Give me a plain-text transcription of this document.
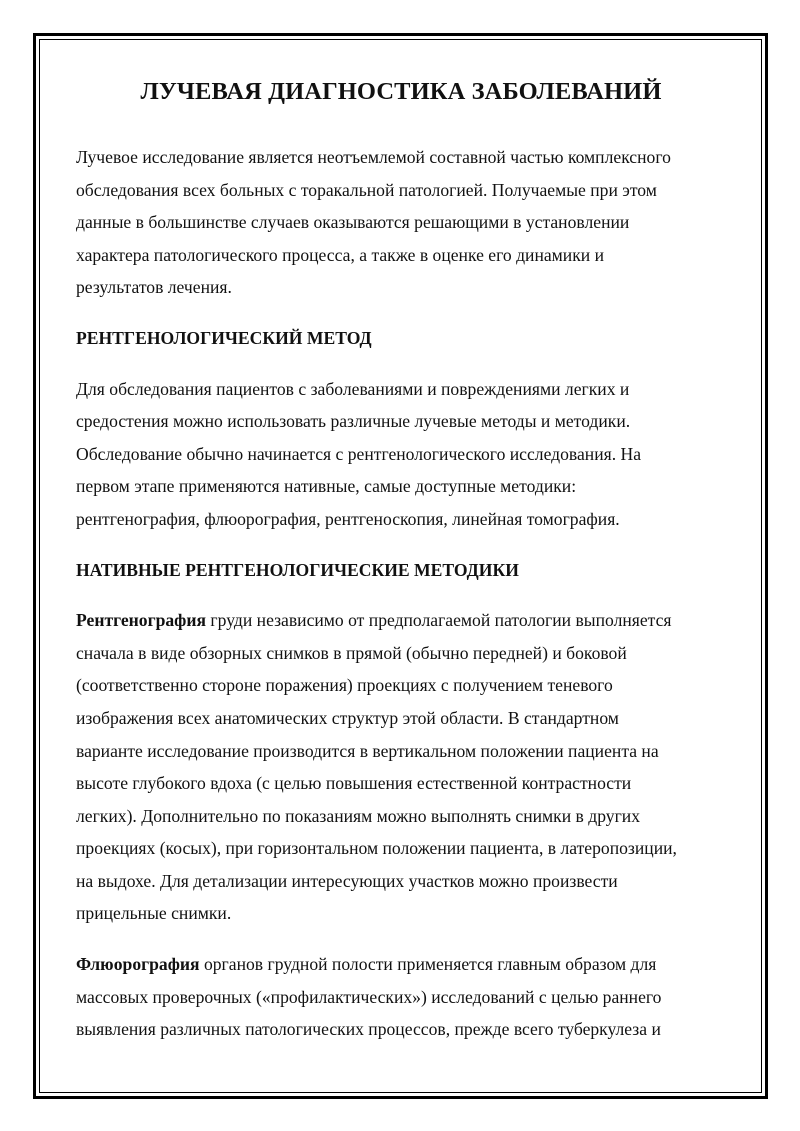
ЛУЧЕВАЯ ДИАГНОСТИКА ЗАБОЛЕВАНИЙ

Лучевое исследование является неотъемлемой составной частью комплексного
обследования всех больных с торакальной патологией. Получаемые при этом
данные в большинстве случаев оказываются решающими в установлении
характера патологического процесса, а также в оценке его динамики и
результатов лечения.

РЕНТГЕНОЛОГИЧЕСКИЙ МЕТОД

Для обследования пациентов с заболеваниями и повреждениями легких и
средостения можно использовать различные лучевые методы и методики.
Обследование обычно начинается с рентгенологического исследования. На
первом этапе применяются нативные, самые доступные методики:
рентгенография, флюорография, рентгеноскопия, линейная томография.

НАТИВНЫЕ РЕНТГЕНОЛОГИЧЕСКИЕ МЕТОДИКИ

Рентгенография груди независимо от предполагаемой патологии выполняется
сначала в виде обзорных снимков в прямой (обычно передней) и боковой
(соответственно стороне поражения) проекциях с получением теневого
изображения всех анатомических структур этой области. В стандартном
варианте исследование производится в вертикальном положении пациента на
высоте глубокого вдоха (с целью повышения естественной контрастности
легких). Дополнительно по показаниям можно выполнять снимки в других
проекциях (косых), при горизонтальном положении пациента, в латеропозиции,
на выдохе. Для детализации интересующих участков можно произвести
прицельные снимки.

Флюорография органов грудной полости применяется главным образом для
массовых проверочных («профилактических») исследований с целью раннего
выявления различных патологических процессов, прежде всего туберкулеза и
